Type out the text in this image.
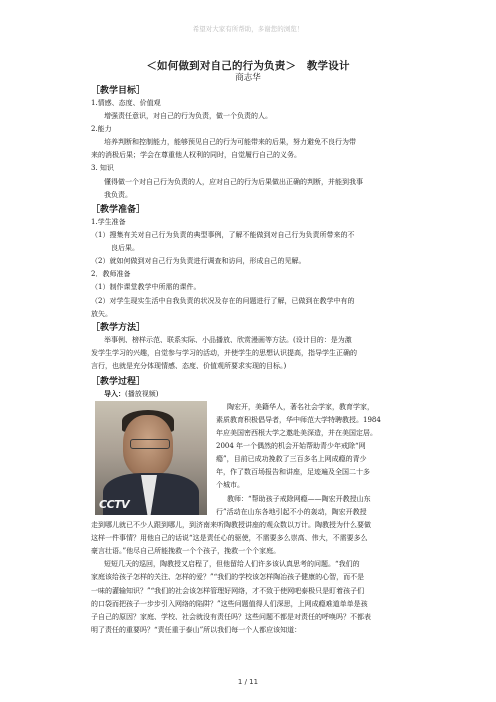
希望对大家有所帮助，多谢您的浏览！
＜如何做到对自己的行为负责＞　教学设计
商志华
［教学目标］

1.情感、态度、价值观

增强责任意识，对自己的行为负责，做一个负责的人。

2.能力

培养判断和控制能力，能够预见自己的行为可能带来的后果，努力避免不良行为带

来的消极后果；学会在尊重他人权利的同时，自觉履行自己的义务。

3. 知识

懂得做一个对自己行为负责的人，应对自己的行为后果做出正确的判断，并能到我事

我负责。

［教学准备］

1.学生准备

（1）搜集有关对自己行为负责的典型事例，了解不能做到对自己行为负责所带来的不

良后果。

（2）就如何做到对自己行为负责进行调查和访问，形成自己的见解。

2．教师准备

（1）制作课堂教学中所需的课件。

（2）对学生现实生活中自我负责的状况及存在的问题进行了解，已做到在教学中有的

放矢。

［教学方法］

举事例、榜样示范、联系实际、小品播放、欣赏漫画等方法。(设计目的：是为激

发学生学习的兴趣，自觉参与学习的活动，并使学生的思想认识提高，指导学生正确的

言行，也就是充分体现情感、态度、价值观所要求实现的目标。)

［教学过程］

导入：(播放视频)

CCTV

陶宏开，美籍华人，著名社会学家，教育学家，

素质教育积极倡导者，华中师范大学特聘教授。1984

年应美国密西根大学之邀赴美深造，并在美国定居。

2004 年一个偶然的机会开始帮助青少年戒除“网

瘾”，目前已成功挽救了三百多名上网成瘾的青少

年，作了数百场报告和讲座，足迹遍及全国二十多

个城市。

教师：“帮助孩子戒除网瘾——陶宏开教授山东

行”活动在山东各地引起不小的轰动，陶宏开教授

走到哪儿就已不少人跟到哪儿，到济南来听陶教授讲座的观众数以万计。陶教授为什么要做

这样一件事情？用他自己的话说“这是责任心的驱使，不需要多么崇高、伟大，不需要多么

豪言壮语。”他尽自己所能挽救一个个孩子，挽救一个个家庭。

短短几天的巡回，陶教授又启程了，但他留给人们许多该认真思考的问题。“我们的

家庭该给孩子怎样的关注、怎样的爱？”“我们的学校该怎样陶冶孩子健康的心智，而不是

一味的灌输知识？”“我们的社会该怎样管理好网络，才不致于使网吧泰极只是盯着孩子们

的口袋而把孩子一步步引入网络的陷阱？”这些问题值得人们深思，上网成瘾难道单单是孩

子自己的原因？家庭、学校、社会就没有责任吗？这些问题不都是对责任的呼唤吗？不都表

明了责任的重要吗？“责任重于泰山”所以我们每一个人都应该知道：

1 / 11
